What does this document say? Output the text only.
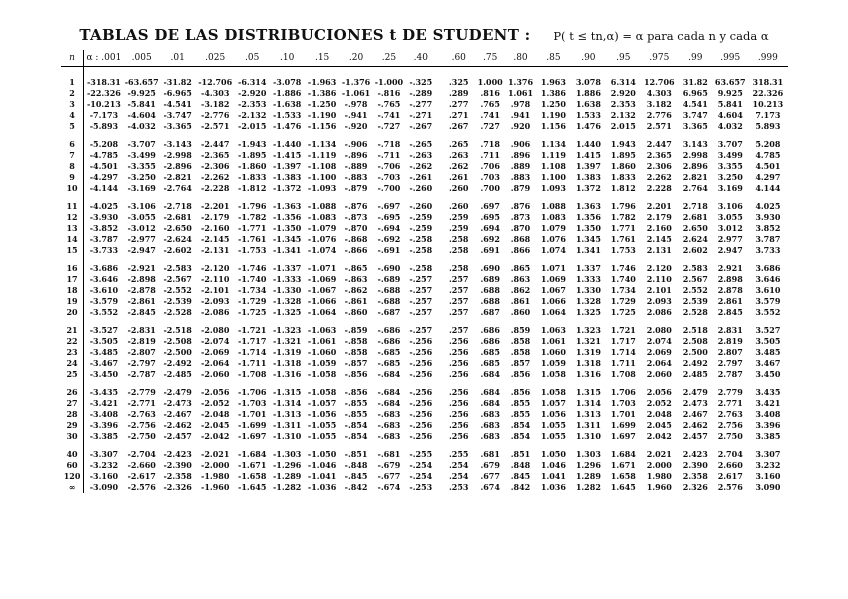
TABLAS DE LAS DISTRIBUCIONES t DE STUDENT : P( t ≤ tn,α) = α para cada n y cada α
n	α : .001	.005	.01	.025	.05	.10	.15	.20	.25	.40	.60	.75	.80	.85	.90	.95	.975	.99	.995	.999
1	-318.31	-63.657	-31.82	-12.706	-6.314	-3.078	-1.963	-1.376	-1.000	-.325	.325	1.000	1.376	1.963	3.078	6.314	12.706	31.82	63.657	318.31
2	-22.326	-9.925	-6.965	-4.303	-2.920	-1.886	-1.386	-1.061	-.816	-.289	.289	.816	1.061	1.386	1.886	2.920	4.303	6.965	9.925	22.326
3	-10.213	-5.841	-4.541	-3.182	-2.353	-1.638	-1.250	-.978	-.765	-.277	.277	.765	.978	1.250	1.638	2.353	3.182	4.541	5.841	10.213
4	-7.173	-4.604	-3.747	-2.776	-2.132	-1.533	-1.190	-.941	-.741	-.271	.271	.741	.941	1.190	1.533	2.132	2.776	3.747	4.604	7.173
5	-5.893	-4.032	-3.365	-2.571	-2.015	-1.476	-1.156	-.920	-.727	-.267	.267	.727	.920	1.156	1.476	2.015	2.571	3.365	4.032	5.893
6	-5.208	-3.707	-3.143	-2.447	-1.943	-1.440	-1.134	-.906	-.718	-.265	.265	.718	.906	1.134	1.440	1.943	2.447	3.143	3.707	5.208
7	-4.785	-3.499	-2.998	-2.365	-1.895	-1.415	-1.119	-.896	-.711	-.263	.263	.711	.896	1.119	1.415	1.895	2.365	2.998	3.499	4.785
8	-4.501	-3.355	-2.896	-2.306	-1.860	-1.397	-1.108	-.889	-.706	-.262	.262	.706	.889	1.108	1.397	1.860	2.306	2.896	3.355	4.501
9	-4.297	-3.250	-2.821	-2.262	-1.833	-1.383	-1.100	-.883	-.703	-.261	.261	.703	.883	1.100	1.383	1.833	2.262	2.821	3.250	4.297
10	-4.144	-3.169	-2.764	-2.228	-1.812	-1.372	-1.093	-.879	-.700	-.260	.260	.700	.879	1.093	1.372	1.812	2.228	2.764	3.169	4.144
11	-4.025	-3.106	-2.718	-2.201	-1.796	-1.363	-1.088	-.876	-.697	-.260	.260	.697	.876	1.088	1.363	1.796	2.201	2.718	3.106	4.025
12	-3.930	-3.055	-2.681	-2.179	-1.782	-1.356	-1.083	-.873	-.695	-.259	.259	.695	.873	1.083	1.356	1.782	2.179	2.681	3.055	3.930
13	-3.852	-3.012	-2.650	-2.160	-1.771	-1.350	-1.079	-.870	-.694	-.259	.259	.694	.870	1.079	1.350	1.771	2.160	2.650	3.012	3.852
14	-3.787	-2.977	-2.624	-2.145	-1.761	-1.345	-1.076	-.868	-.692	-.258	.258	.692	.868	1.076	1.345	1.761	2.145	2.624	2.977	3.787
15	-3.733	-2.947	-2.602	-2.131	-1.753	-1.341	-1.074	-.866	-.691	-.258	.258	.691	.866	1.074	1.341	1.753	2.131	2.602	2.947	3.733
16	-3.686	-2.921	-2.583	-2.120	-1.746	-1.337	-1.071	-.865	-.690	-.258	.258	.690	.865	1.071	1.337	1.746	2.120	2.583	2.921	3.686
17	-3.646	-2.898	-2.567	-2.110	-1.740	-1.333	-1.069	-.863	-.689	-.257	.257	.689	.863	1.069	1.333	1.740	2.110	2.567	2.898	3.646
18	-3.610	-2.878	-2.552	-2.101	-1.734	-1.330	-1.067	-.862	-.688	-.257	.257	.688	.862	1.067	1.330	1.734	2.101	2.552	2.878	3.610
19	-3.579	-2.861	-2.539	-2.093	-1.729	-1.328	-1.066	-.861	-.688	-.257	.257	.688	.861	1.066	1.328	1.729	2.093	2.539	2.861	3.579
20	-3.552	-2.845	-2.528	-2.086	-1.725	-1.325	-1.064	-.860	-.687	-.257	.257	.687	.860	1.064	1.325	1.725	2.086	2.528	2.845	3.552
21	-3.527	-2.831	-2.518	-2.080	-1.721	-1.323	-1.063	-.859	-.686	-.257	.257	.686	.859	1.063	1.323	1.721	2.080	2.518	2.831	3.527
22	-3.505	-2.819	-2.508	-2.074	-1.717	-1.321	-1.061	-.858	-.686	-.256	.256	.686	.858	1.061	1.321	1.717	2.074	2.508	2.819	3.505
23	-3.485	-2.807	-2.500	-2.069	-1.714	-1.319	-1.060	-.858	-.685	-.256	.256	.685	.858	1.060	1.319	1.714	2.069	2.500	2.807	3.485
24	-3.467	-2.797	-2.492	-2.064	-1.711	-1.318	-1.059	-.857	-.685	-.256	.256	.685	.857	1.059	1.318	1.711	2.064	2.492	2.797	3.467
25	-3.450	-2.787	-2.485	-2.060	-1.708	-1.316	-1.058	-.856	-.684	-.256	.256	.684	.856	1.058	1.316	1.708	2.060	2.485	2.787	3.450
26	-3.435	-2.779	-2.479	-2.056	-1.706	-1.315	-1.058	-.856	-.684	-.256	.256	.684	.856	1.058	1.315	1.706	2.056	2.479	2.779	3.435
27	-3.421	-2.771	-2.473	-2.052	-1.703	-1.314	-1.057	-.855	-.684	-.256	.256	.684	.855	1.057	1.314	1.703	2.052	2.473	2.771	3.421
28	-3.408	-2.763	-2.467	-2.048	-1.701	-1.313	-1.056	-.855	-.683	-.256	.256	.683	.855	1.056	1.313	1.701	2.048	2.467	2.763	3.408
29	-3.396	-2.756	-2.462	-2.045	-1.699	-1.311	-1.055	-.854	-.683	-.256	.256	.683	.854	1.055	1.311	1.699	2.045	2.462	2.756	3.396
30	-3.385	-2.750	-2.457	-2.042	-1.697	-1.310	-1.055	-.854	-.683	-.256	.256	.683	.854	1.055	1.310	1.697	2.042	2.457	2.750	3.385
40	-3.307	-2.704	-2.423	-2.021	-1.684	-1.303	-1.050	-.851	-.681	-.255	.255	.681	.851	1.050	1.303	1.684	2.021	2.423	2.704	3.307
60	-3.232	-2.660	-2.390	-2.000	-1.671	-1.296	-1.046	-.848	-.679	-.254	.254	.679	.848	1.046	1.296	1.671	2.000	2.390	2.660	3.232
120	-3.160	-2.617	-2.358	-1.980	-1.658	-1.289	-1.041	-.845	-.677	-.254	.254	.677	.845	1.041	1.289	1.658	1.980	2.358	2.617	3.160
∞	-3.090	-2.576	-2.326	-1.960	-1.645	-1.282	-1.036	-.842	-.674	-.253	.253	.674	.842	1.036	1.282	1.645	1.960	2.326	2.576	3.090
